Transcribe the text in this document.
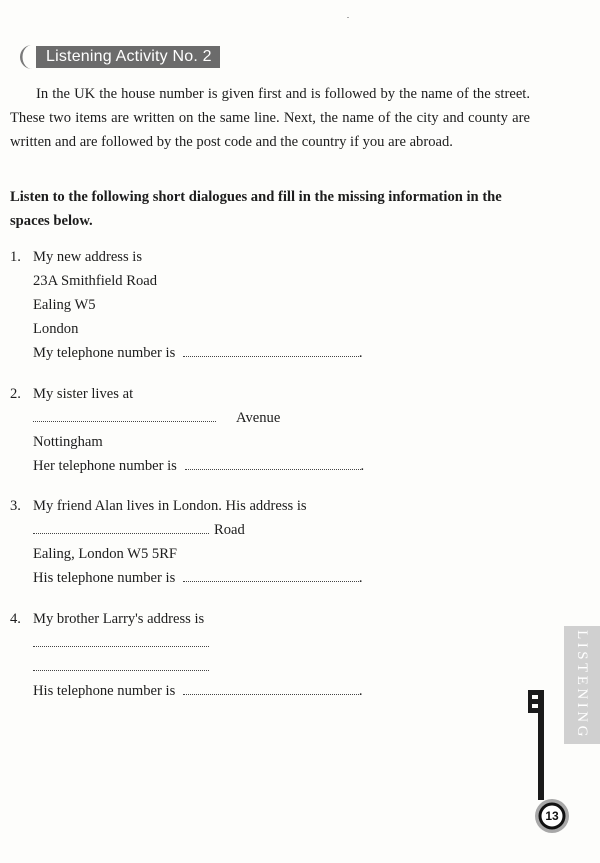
Listening Activity No. 2

In the UK the house number is given first and is followed by the name of the street. These two items are written on the same line. Next, the name of the city and county are written and are followed by the post code and the country if you are abroad.

Listen to the following short dialogues and fill in the missing information in the spaces below.

1. My new address is
23A Smithfield Road
Ealing W5
London
My telephone number is	.
2. My sister lives at
Avenue
Nottingham
Her telephone number is	.
3. My friend Alan lives in London. His address is
Road
Ealing, London W5 5RF
His telephone number is	.
4. My brother Larry's address is
His telephone number is	.	LISTENING
13
